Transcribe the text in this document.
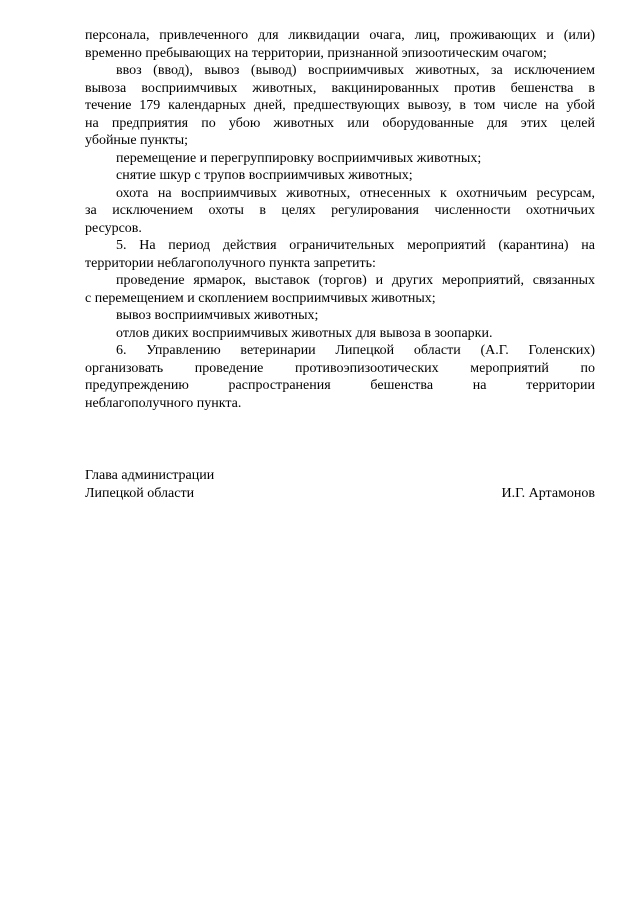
персонала, привлеченного для ликвидации очага, лиц, проживающих и (или)
временно пребывающих на территории, признанной эпизоотическим очагом;
ввоз (ввод), вывоз (вывод) восприимчивых животных, за исключением
вывоза восприимчивых животных, вакцинированных против бешенства в
течение 179 календарных дней, предшествующих вывозу, в том числе на убой
на предприятия по убою животных или оборудованные для этих целей
убойные пункты;
перемещение и перегруппировку восприимчивых животных;
снятие шкур с трупов восприимчивых животных;
охота на восприимчивых животных, отнесенных к охотничьим ресурсам,
за исключением охоты в целях регулирования численности охотничьих
ресурсов.
5. На период действия ограничительных мероприятий (карантина) на
территории неблагополучного пункта запретить:
проведение ярмарок, выставок (торгов) и других мероприятий, связанных
с перемещением и скоплением восприимчивых животных;
вывоз восприимчивых животных;
отлов диких восприимчивых животных для вывоза в зоопарки.
6. Управлению ветеринарии Липецкой области (А.Г. Голенских)
организовать проведение противоэпизоотических мероприятий по
предупреждению распространения бешенства на территории
неблагополучного пункта.
Глава администрации
Липецкой области	И.Г. Артамонов
